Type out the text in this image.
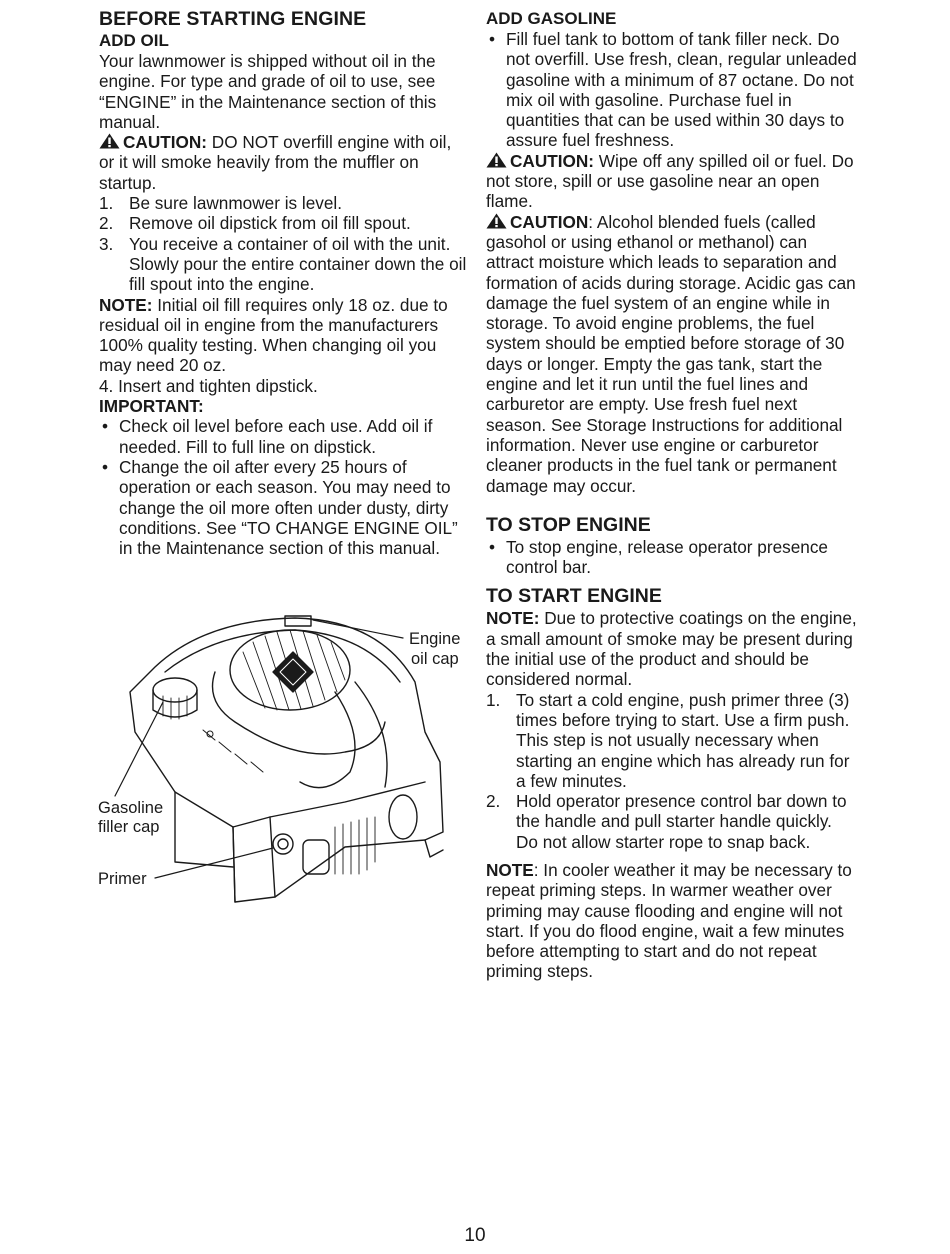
BEFORE STARTING ENGINE
ADD OIL

Your lawnmower is shipped without oil in the engine. For type and grade of oil to use, see “ENGINE” in the Maintenance section of this manual.

CAUTION: DO NOT overfill engine with oil, or it will smoke heavily from the muffler on startup.

1. Be sure lawnmower is level.
2. Remove oil dipstick from oil fill spout.
3. You receive a container of oil with the unit. Slowly pour the entire container down the oil fill spout into the engine.

NOTE: Initial oil fill requires only 18 oz. due to residual oil in engine from the manufacturers 100% quality testing. When changing oil you may need 20 oz.

4. Insert and tighten dipstick.

IMPORTANT:

• Check oil level before each use. Add oil if needed. Fill to full line on dipstick.
• Change the oil after every 25 hours of operation or each season. You may need to change the oil more often under dusty, dirty conditions. See “TO CHANGE ENGINE OIL” in the Maintenance section of this manual.
Engine
oil cap
Gasoline
filler cap
Primer
ADD GASOLINE
• Fill fuel tank to bottom of tank filler neck. Do not overfill. Use fresh, clean, regular unleaded gasoline with a minimum of 87 octane. Do not mix oil with gasoline. Purchase fuel in quantities that can be used within 30 days to assure fuel freshness.

CAUTION: Wipe off any spilled oil or fuel. Do not store, spill or use gasoline near an open flame.

CAUTION: Alcohol blended fuels (called gasohol or using ethanol or methanol) can attract moisture which leads to separation and formation of acids during storage. Acidic gas can damage the fuel system of an engine while in storage. To avoid engine problems, the fuel system should be emptied before storage of 30 days or longer. Empty the gas tank, start the engine and let it run until the fuel lines and carburetor are empty. Use fresh fuel next season. See Storage Instructions for additional information. Never use engine or carburetor cleaner products in the fuel tank or permanent damage may occur.

TO STOP ENGINE
• To stop engine, release operator presence control bar.
TO START ENGINE

NOTE: Due to protective coatings on the engine, a small amount of smoke may be present during the initial use of the product and should be considered normal.

1. To start a cold engine, push primer three (3) times before trying to start. Use a firm push. This step is not usually necessary when starting an engine which has already run for a few minutes.
2. Hold operator presence control bar down to the handle and pull starter handle quickly. Do not allow starter rope to snap back.

NOTE: In cooler weather it may be necessary to repeat priming steps. In warmer weather over priming may cause flooding and engine will not start. If you do flood engine, wait a few minutes before attempting to start and do not repeat priming steps.

10
